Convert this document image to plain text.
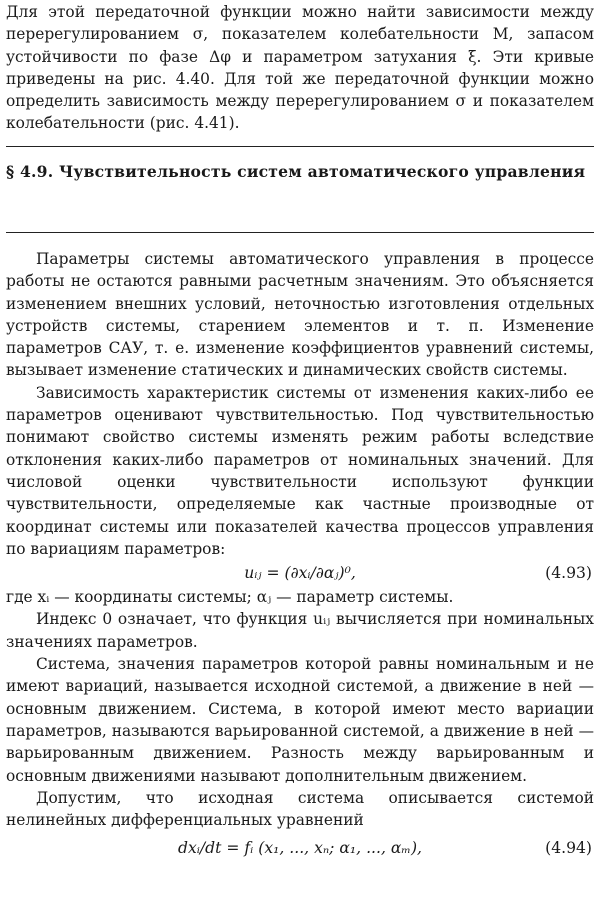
Для этой передаточной функции можно найти зависимости между перерегулированием σ, показателем колебательности M, запасом устойчивости по фазе Δφ и параметром затухания ξ. Эти кривые приведены на рис. 4.40. Для той же передаточной функции можно определить зависимость между перерегулированием σ и показателем колебательности (рис. 4.41).

§ 4.9. Чувствительность систем автоматического управления

Параметры системы автоматического управления в процессе работы не остаются равными расчетным значениям. Это объясняется изменением внешних условий, неточностью изготовления отдельных устройств системы, старением элементов и т. п. Изменение параметров САУ, т. е. изменение коэффициентов уравнений системы, вызывает изменение статических и динамических свойств системы.

Зависимость характеристик системы от изменения каких-либо ее параметров оценивают чувствительностью. Под чувствительностью понимают свойство системы изменять режим работы вследствие отклонения каких-либо параметров от номинальных значений. Для числовой оценки чувствительности используют функции чувствительности, определяемые как частные производные от координат системы или показателей качества процессов управления по вариациям параметров:

uᵢⱼ = (∂xᵢ/∂αⱼ)⁰,	(4.93)

где xᵢ — координаты системы; αⱼ — параметр системы.

Индекс 0 означает, что функция uᵢⱼ вычисляется при номинальных значениях параметров.

Система, значения параметров которой равны номинальным и не имеют вариаций, называется исходной системой, а движение в ней — основным движением. Система, в которой имеют место вариации параметров, называются варьированной системой, а движение в ней — варьированным движением. Разность между варьированным и основным движениями называют дополнительным движением.

Допустим, что исходная система описывается системой нелинейных дифференциальных уравнений

dxᵢ/dt = fᵢ (x₁, ..., xₙ; α₁, ..., αₘ),	(4.94)
